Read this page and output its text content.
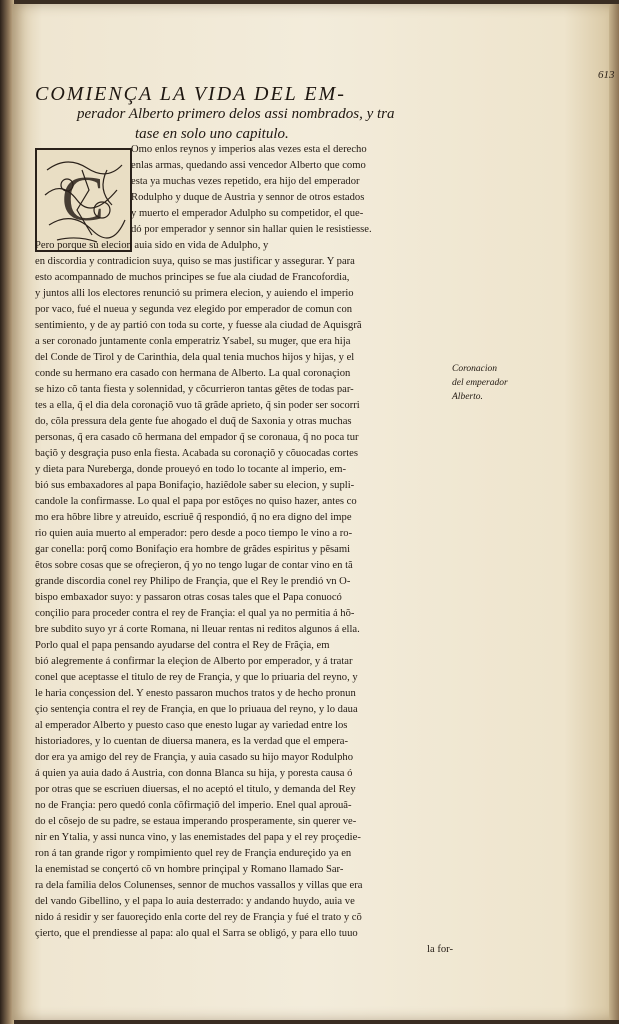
613
COMIENÇA LA VIDA DEL EM-
perador Alberto primero delos assi nombrados, y tra
tase en solo uno capitulo.
C
Omo enlos reynos y imperios alas vezes esta el derecho
enlas armas, quedando assi vencedor Alberto que como
esta ya muchas vezes repetido, era hijo del emperador
Rodulpho y duque de Austria y sennor de otros estados
y muerto el emperador Adulpho su competidor, el que-
dó por emperador y sennor sin hallar quien le resistiesse.
Pero porque su elecion auia sido en vida de Adulpho, y
en discordia y contradicion suya, quiso se mas justificar y assegurar. Y para
esto acompannado de muchos principes se fue ala ciudad de Francofordia,
y juntos alli los electores renunció su primera elecion, y auiendo el imperio
por vaco, fué el nueua y segunda vez elegido por emperador de comun con
sentimiento, y de ay partió con toda su corte, y fuesse ala ciudad de Aquisgrã
a ser coronado juntamente conla emperatriz Ysabel, su muger, que era hija
del Conde de Tirol y de Carinthia, dela qual tenia muchos hijos y hijas, y el
conde su hermano era casado con hermana de Alberto. La qual coronaçion
se hizo cõ tanta fiesta y solennidad, y cõcurrieron tantas gẽtes de todas par-
tes a ella, q̃ el dia dela coronaçiõ vuo tã grãde aprieto, q̃ sin poder ser socorri
do, cõla pressura dela gente fue ahogado el duq̃ de Saxonia y otras muchas
personas, q̃ era casado cõ hermana del empador q̃ se coronaua, q̃ no poca tur
baçiõ y desgraçia puso enla fiesta. Acabada su coronaçiõ y cõuocadas cortes
y dieta para Nureberga, donde proueyó en todo lo tocante al imperio, em-
bió sus embaxadores al papa Bonifaçio, haziẽdole saber su elecion, y supli-
candole la confirmasse. Lo qual el papa por estõçes no quiso hazer, antes co
mo era hõbre libre y atreuido, escriuẽ q̃ respondió, q̃ no era digno del impe
rio quien auia muerto al emperador: pero desde a poco tiempo le vino a ro-
gar conella: porq̃ como Bonifaçio era hombre de grãdes espiritus y pẽsami
ẽtos sobre cosas que se ofreçieron, q̃ yo no tengo lugar de contar vino en tã
grande discordia conel rey Philipo de Françia, que el Rey le prendió vn O-
bispo embaxador suyo: y passaron otras cosas tales que el Papa conuocó
conçilio para proceder contra el rey de Françia: el qual ya no permitia á hõ-
bre subdito suyo yr á corte Romana, ni lleuar rentas ni reditos algunos á ella.
Porlo qual el papa pensando ayudarse del contra el Rey de Frãçia, em
bió alegremente á confirmar la eleçion de Alberto por emperador, y á tratar
conel que aceptasse el titulo de rey de Françia, y que lo priuaria del reyno, y
le haria conçession del. Y enesto passaron muchos tratos y de hecho pronun
çio sentençia contra el rey de Françia, en que lo priuaua del reyno, y lo daua
al emperador Alberto y puesto caso que enesto lugar ay variedad entre los
historiadores, y lo cuentan de diuersa manera, es la verdad que el empera-
dor era ya amigo del rey de Françia, y auia casado su hijo mayor Rodulpho
á quien ya auia dado á Austria, con donna Blanca su hija, y poresta causa ó
por otras que se escriuen diuersas, el no aceptó el titulo, y demanda del Rey
no de Françia: pero quedó conla cõfirmaçiõ del imperio. Enel qual aprouã-
do el cõsejo de su padre, se estaua imperando prosperamente, sin querer ve-
nir en Ytalia, y assi nunca vino, y las enemistades del papa y el rey proçedie-
ron á tan grande rigor y rompimiento quel rey de Françia endureçido ya en
la enemistad se conçertó cõ vn hombre prinçipal y Romano llamado Sar-
ra dela familia delos Colunenses, sennor de muchos vassallos y villas que era
del vando Gibellino, y el papa lo auia desterrado: y andando huydo, auia ve
nido á residir y ser fauoreçido enla corte del rey de Françia y fué el trato y cõ
çierto, que el prendiesse al papa: alo qual el Sarra se obligó, y para ello tuuo
la for-
Coronacion
del emperador
Alberto.
